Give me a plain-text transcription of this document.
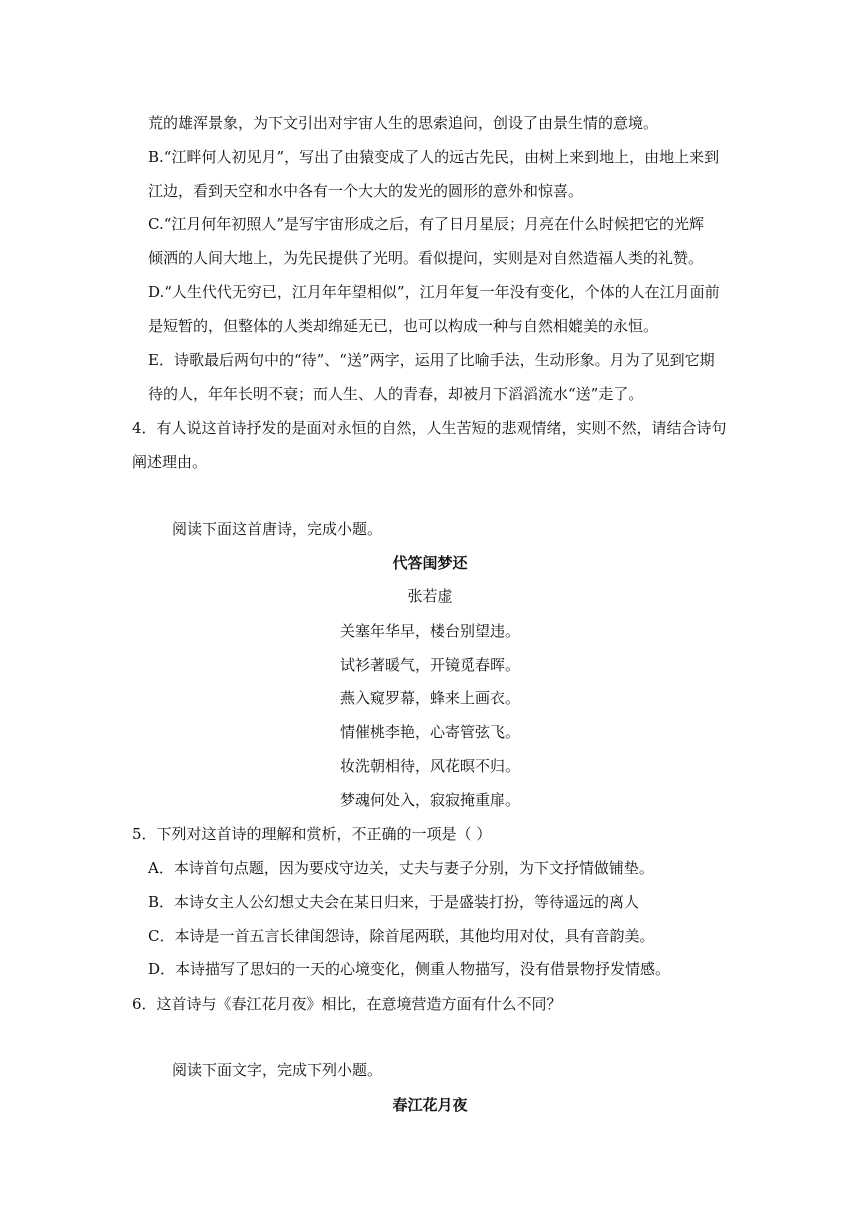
荒的雄浑景象，为下文引出对宇宙人生的思索追问，创设了由景生情的意境。
B.“江畔何人初见月”，写出了由猿变成了人的远古先民，由树上来到地上，由地上来到
江边，看到天空和水中各有一个大大的发光的圆形的意外和惊喜。
C.“江月何年初照人”是写宇宙形成之后，有了日月星辰；月亮在什么时候把它的光辉
倾洒的人间大地上，为先民提供了光明。看似提问，实则是对自然造福人类的礼赞。
D.“人生代代无穷已，江月年年望相似”，江月年复一年没有变化，个体的人在江月面前
是短暂的，但整体的人类却绵延无已，也可以构成一种与自然相媲美的永恒。
E．诗歌最后两句中的“待”、“送”两字，运用了比喻手法，生动形象。月为了见到它期
待的人，年年长明不衰；而人生、人的青春，却被月下滔滔流水“送”走了。
4．有人说这首诗抒发的是面对永恒的自然，人生苦短的悲观情绪，实则不然，请结合诗句
阐述理由。
阅读下面这首唐诗，完成小题。
代答闺梦还
张若虚
关塞年华早，楼台别望违。
试衫著暖气，开镜觅春晖。
燕入窥罗幕，蜂来上画衣。
情催桃李艳，心寄管弦飞。
妆洗朝相待，风花暝不归。
梦魂何处入，寂寂掩重扉。
5．下列对这首诗的理解和赏析，不正确的一项是（ ）
A．本诗首句点题，因为要戍守边关，丈夫与妻子分别，为下文抒情做铺垫。
B．本诗女主人公幻想丈夫会在某日归来，于是盛装打扮，等待遥远的离人
C．本诗是一首五言长律闺怨诗，除首尾两联，其他均用对仗，具有音韵美。
D．本诗描写了思妇的一天的心境变化，侧重人物描写，没有借景物抒发情感。
6．这首诗与《春江花月夜》相比，在意境营造方面有什么不同？
阅读下面文字，完成下列小题。
春江花月夜
